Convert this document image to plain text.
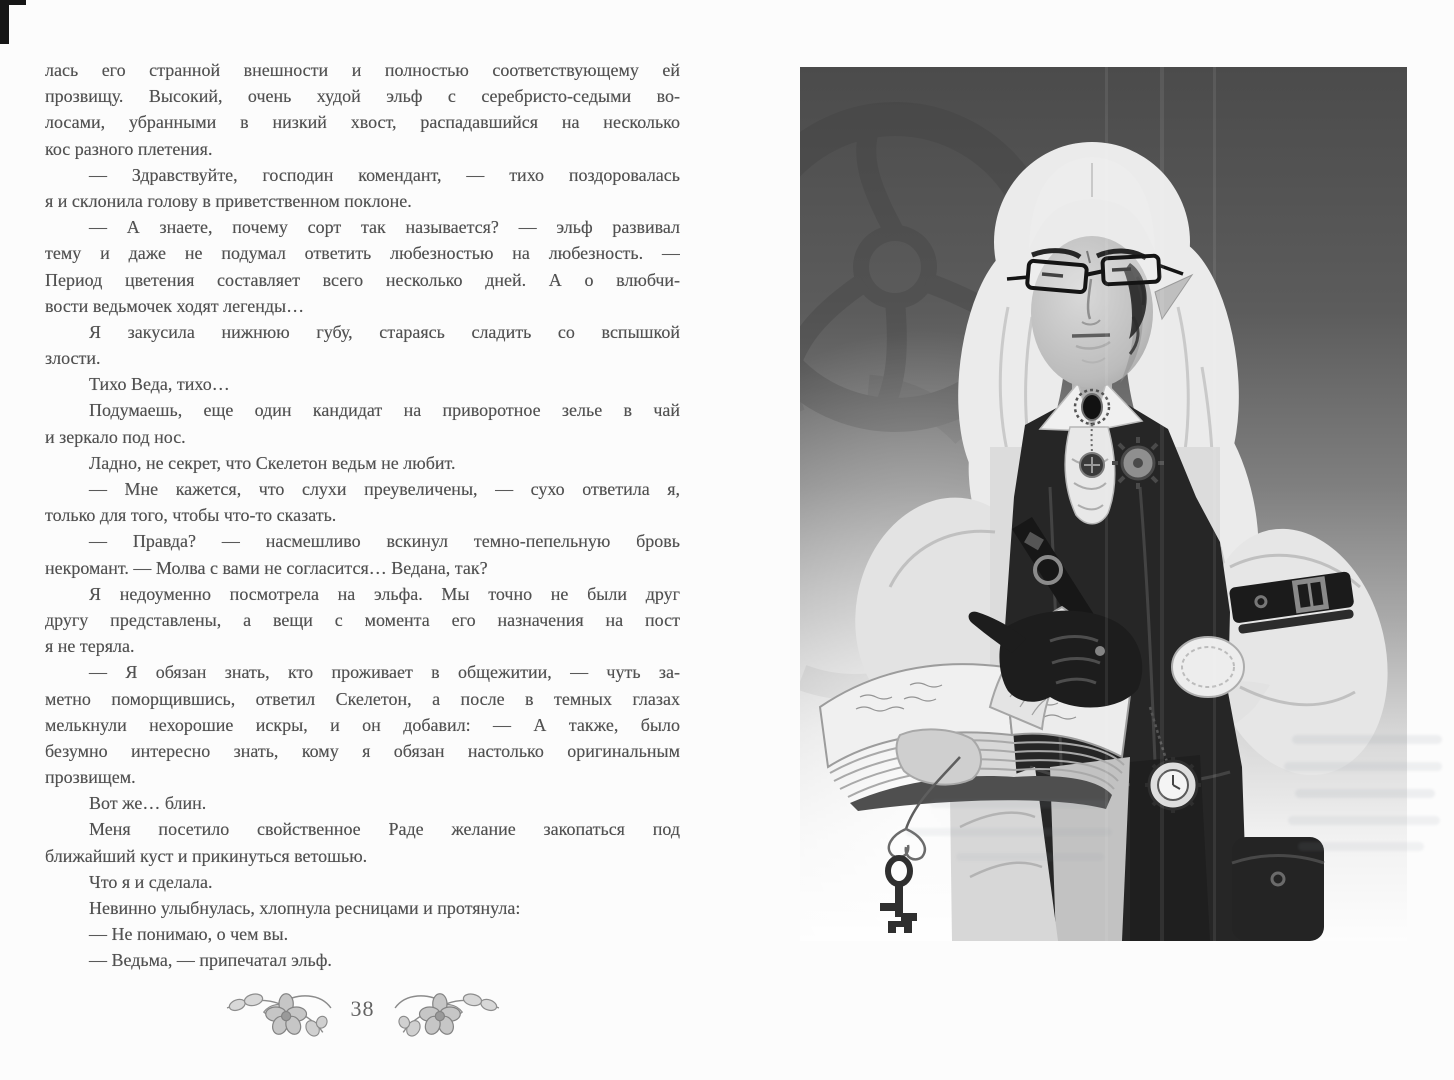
лась его странной внешности и полностью соответствующему ей
прозвищу. Высокий, очень худой эльф с серебристо-седыми во-
лосами, убранными в низкий хвост, распадавшийся на несколько
кос разного плетения.
— Здравствуйте, господин комендант, — тихо поздоровалась
я и склонила голову в приветственном поклоне.
— А знаете, почему сорт так называется? — эльф развивал
тему и даже не подумал ответить любезностью на любезность. —
Период цветения составляет всего несколько дней. А о влюбчи-
вости ведьмочек ходят легенды…
Я закусила нижнюю губу, стараясь сладить со вспышкой
злости.
Тихо Веда, тихо…
Подумаешь, еще один кандидат на приворотное зелье в чай
и зеркало под нос.
Ладно, не секрет, что Скелетон ведьм не любит.
— Мне кажется, что слухи преувеличены, — сухо ответила я,
только для того, чтобы что-то сказать.
— Правда? — насмешливо вскинул темно-пепельную бровь
некромант. — Молва с вами не согласится… Ведана, так?
Я недоуменно посмотрела на эльфа. Мы точно не были друг
другу представлены, а вещи с момента его назначения на пост
я не теряла.
— Я обязан знать, кто проживает в общежитии, — чуть за-
метно поморщившись, ответил Скелетон, а после в темных глазах
мелькнули нехорошие искры, и он добавил: — А также, было
безумно интересно знать, кому я обязан настолько оригинальным
прозвищем.
Вот же… блин.
Меня посетило свойственное Раде желание закопаться под
ближайший куст и прикинуться ветошью.
Что я и сделала.
Невинно улыбнулась, хлопнула ресницами и протянула:
— Не понимаю, о чем вы.
— Ведьма, — припечатал эльф.
38
